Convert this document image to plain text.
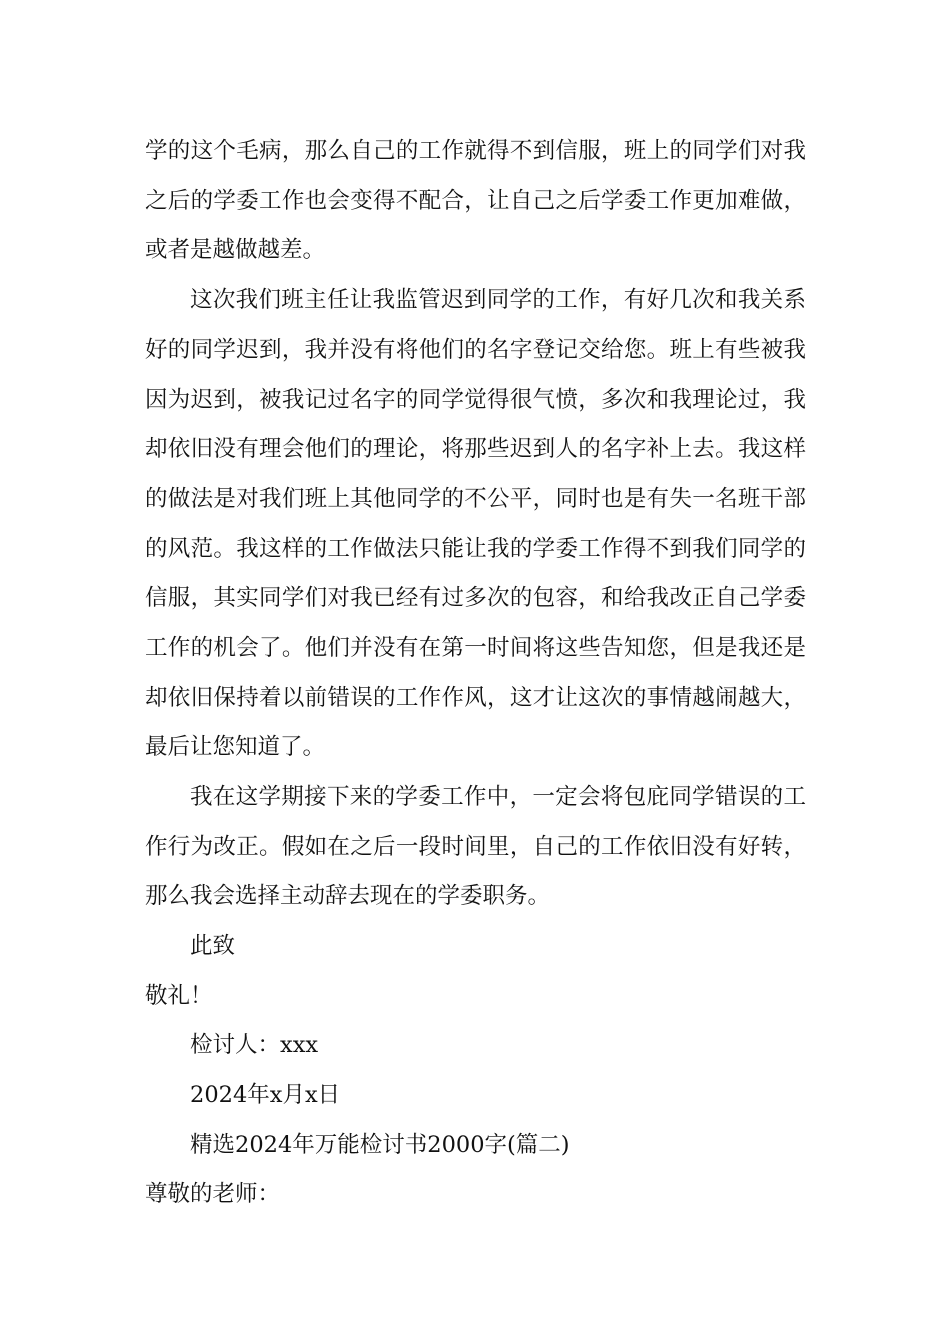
学的这个毛病，那么自己的工作就得不到信服，班上的同学们对我
之后的学委工作也会变得不配合，让自己之后学委工作更加难做，
或者是越做越差。
这次我们班主任让我监管迟到同学的工作，有好几次和我关系
好的同学迟到，我并没有将他们的名字登记交给您。班上有些被我
因为迟到，被我记过名字的同学觉得很气愤，多次和我理论过，我
却依旧没有理会他们的理论，将那些迟到人的名字补上去。我这样
的做法是对我们班上其他同学的不公平，同时也是有失一名班干部
的风范。我这样的工作做法只能让我的学委工作得不到我们同学的
信服，其实同学们对我已经有过多次的包容，和给我改正自己学委
工作的机会了。他们并没有在第一时间将这些告知您，但是我还是
却依旧保持着以前错误的工作作风，这才让这次的事情越闹越大，
最后让您知道了。
我在这学期接下来的学委工作中，一定会将包庇同学错误的工
作行为改正。假如在之后一段时间里，自己的工作依旧没有好转，
那么我会选择主动辞去现在的学委职务。
此致
敬礼！
检讨人：xxx
2024年x月x日
精选2024年万能检讨书2000字(篇二)
尊敬的老师：
